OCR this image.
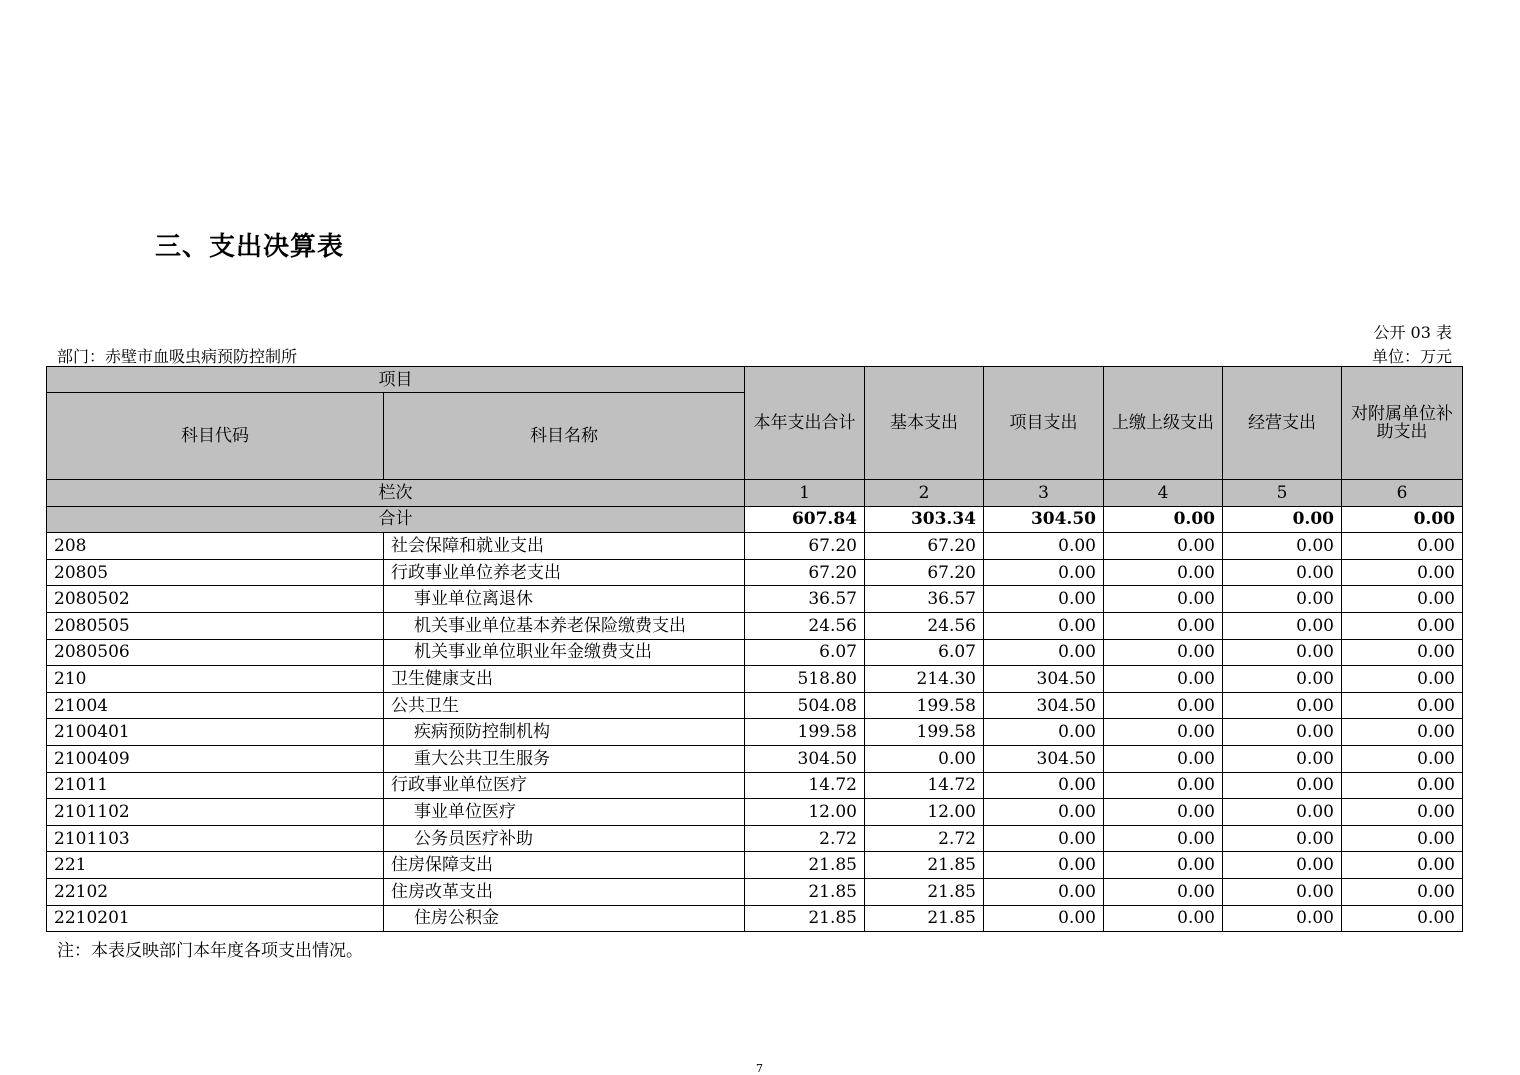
三、支出决算表
公开 03 表
部门：赤壁市血吸虫病预防控制所	单位：万元
项目		本年支出合计	基本支出	项目支出	上缴上级支出	经营支出	对附属单位补助支出
科目代码	科目名称						
栏次		1	2	3	4	5	6
合计		607.84	303.34	304.50	0.00	0.00	0.00
208	社会保障和就业支出	67.20	67.20	0.00	0.00	0.00	0.00
20805	行政事业单位养老支出	67.20	67.20	0.00	0.00	0.00	0.00
2080502	事业单位离退休	36.57	36.57	0.00	0.00	0.00	0.00
2080505	机关事业单位基本养老保险缴费支出	24.56	24.56	0.00	0.00	0.00	0.00
2080506	机关事业单位职业年金缴费支出	6.07	6.07	0.00	0.00	0.00	0.00
210	卫生健康支出	518.80	214.30	304.50	0.00	0.00	0.00
21004	公共卫生	504.08	199.58	304.50	0.00	0.00	0.00
2100401	疾病预防控制机构	199.58	199.58	0.00	0.00	0.00	0.00
2100409	重大公共卫生服务	304.50	0.00	304.50	0.00	0.00	0.00
21011	行政事业单位医疗	14.72	14.72	0.00	0.00	0.00	0.00
2101102	事业单位医疗	12.00	12.00	0.00	0.00	0.00	0.00
2101103	公务员医疗补助	2.72	2.72	0.00	0.00	0.00	0.00
221	住房保障支出	21.85	21.85	0.00	0.00	0.00	0.00
22102	住房改革支出	21.85	21.85	0.00	0.00	0.00	0.00
2210201	住房公积金	21.85	21.85	0.00	0.00	0.00	0.00
注：本表反映部门本年度各项支出情况。
7
